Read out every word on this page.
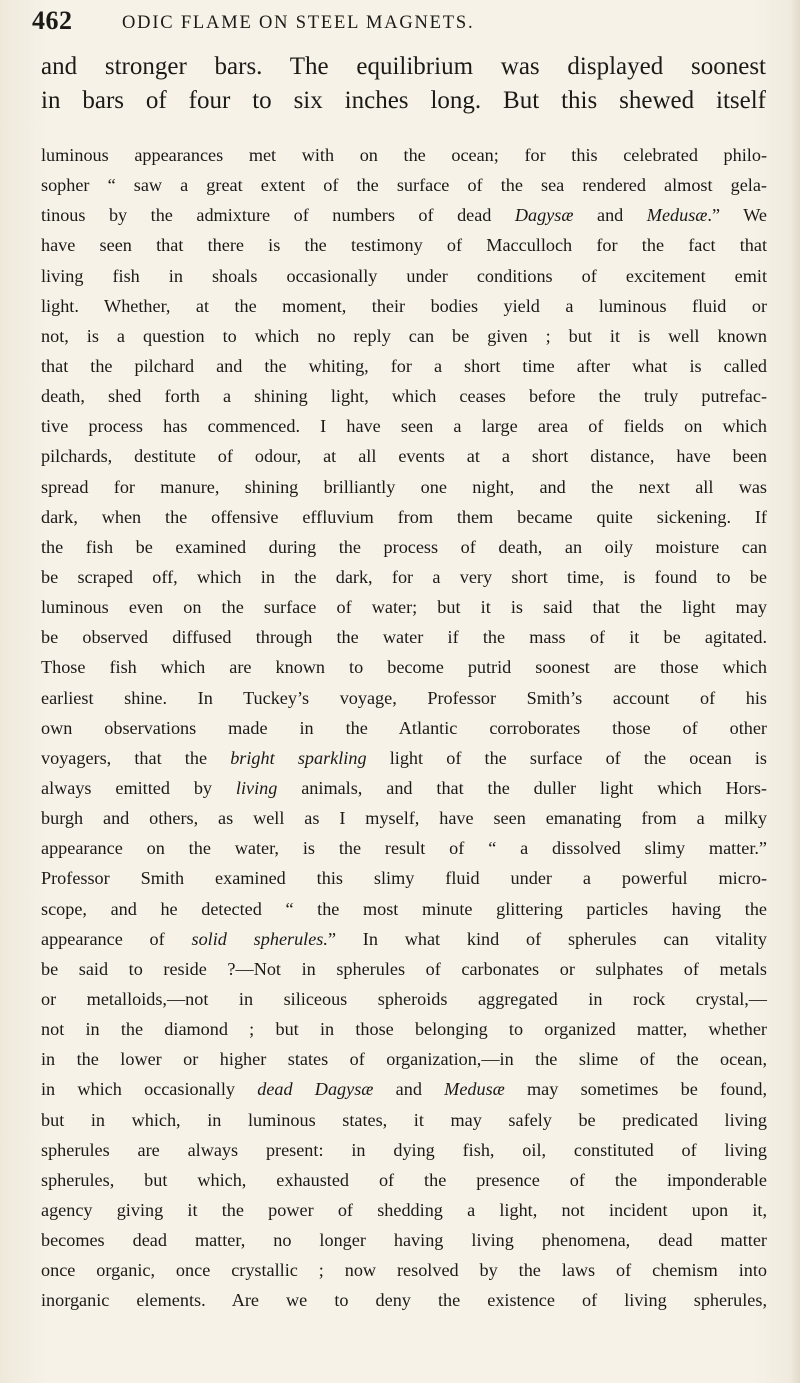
462	ODIC FLAME ON STEEL MAGNETS.
and stronger bars. The equilibrium was displayed soonest
in bars of four to six inches long. But this shewed itself
luminous appearances met with on the ocean; for this celebrated philo-
sopher “ saw a great extent of the surface of the sea rendered almost gela-
tinous by the admixture of numbers of dead Dagysæ and Medusæ.” We
have seen that there is the testimony of Macculloch for the fact that
living fish in shoals occasionally under conditions of excitement emit
light. Whether, at the moment, their bodies yield a luminous fluid or
not, is a question to which no reply can be given ; but it is well known
that the pilchard and the whiting, for a short time after what is called
death, shed forth a shining light, which ceases before the truly putrefac-
tive process has commenced. I have seen a large area of fields on which
pilchards, destitute of odour, at all events at a short distance, have been
spread for manure, shining brilliantly one night, and the next all was
dark, when the offensive effluvium from them became quite sickening. If
the fish be examined during the process of death, an oily moisture can
be scraped off, which in the dark, for a very short time, is found to be
luminous even on the surface of water; but it is said that the light may
be observed diffused through the water if the mass of it be agitated.
Those fish which are known to become putrid soonest are those which
earliest shine. In Tuckey’s voyage, Professor Smith’s account of his
own observations made in the Atlantic corroborates those of other
voyagers, that the bright sparkling light of the surface of the ocean is
always emitted by living animals, and that the duller light which Hors-
burgh and others, as well as I myself, have seen emanating from a milky
appearance on the water, is the result of “ a dissolved slimy matter.”
Professor Smith examined this slimy fluid under a powerful micro-
scope, and he detected “ the most minute glittering particles having the
appearance of solid spherules.” In what kind of spherules can vitality
be said to reside ?—Not in spherules of carbonates or sulphates of metals
or metalloids,—not in siliceous spheroids aggregated in rock crystal,—
not in the diamond ; but in those belonging to organized matter, whether
in the lower or higher states of organization,—in the slime of the ocean,
in which occasionally dead Dagysæ and Medusæ may sometimes be found,
but in which, in luminous states, it may safely be predicated living
spherules are always present: in dying fish, oil, constituted of living
spherules, but which, exhausted of the presence of the imponderable
agency giving it the power of shedding a light, not incident upon it,
becomes dead matter, no longer having living phenomena, dead matter
once organic, once crystallic ; now resolved by the laws of chemism into
inorganic elements. Are we to deny the existence of living spherules,
